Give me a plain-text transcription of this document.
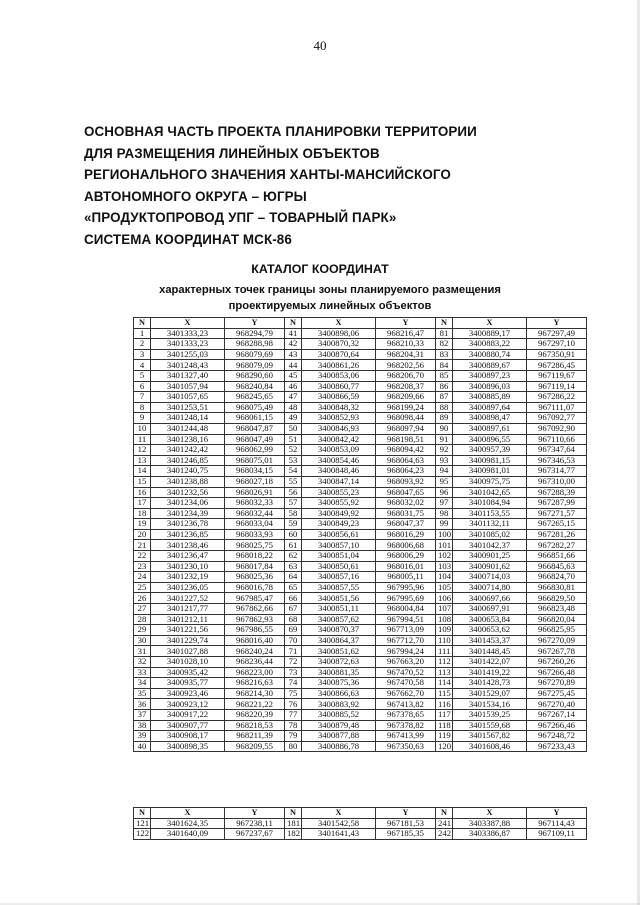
40
ОСНОВНАЯ ЧАСТЬ ПРОЕКТА ПЛАНИРОВКИ ТЕРРИТОРИИ
ДЛЯ РАЗМЕЩЕНИЯ ЛИНЕЙНЫХ ОБЪЕКТОВ
РЕГИОНАЛЬНОГО ЗНАЧЕНИЯ ХАНТЫ-МАНСИЙСКОГО
АВТОНОМНОГО ОКРУГА – ЮГРЫ
«ПРОДУКТОПРОВОД УПГ – ТОВАРНЫЙ ПАРК»
СИСТЕМА КООРДИНАТ МСК-86
КАТАЛОГ КООРДИНАТ
характерных точек границы зоны планируемого размещения
проектируемых линейных объектов
N	X	Y	N	X	Y	N	X	Y
1	3401333,23	968294,79	41	3400898,06	968216,47	81	3400889,17	967297,49
2	3401333,23	968288,98	42	3400870,32	968210,33	82	3400883,22	967297,10
3	3401255,03	968079,69	43	3400870,64	968204,31	83	3400880,74	967350,91
4	3401248,43	968079,09	44	3400861,26	968202,56	84	3400889,67	967286,45
5	3401327,40	968290,60	45	3400853,06	968206,70	85	3400897,23	967119,67
6	3401057,94	968240,84	46	3400860,77	968208,37	86	3400896,03	967119,14
7	3401057,65	968245,65	47	3400866,59	968209,66	87	3400885,89	967286,22
8	3401253,51	968075,49	48	3400848,32	968199,24	88	3400897,64	967111,07
9	3401248,14	968061,15	49	3400852,93	968098,44	89	3400898,47	967092,77
10	3401244,48	968047,87	50	3400846,93	968097,94	90	3400897,61	967092,90
11	3401238,16	968047,49	51	3400842,42	968198,51	91	3400896,55	967110,66
12	3401242,42	968062,99	52	3400853,09	968094,42	92	3400957,39	967347,64
13	3401246,85	968075,01	53	3400854,46	968064,63	93	3400981,15	967346,53
14	3401240,75	968034,15	54	3400848,46	968064,23	94	3400981,01	967314,77
15	3401238,88	968027,18	55	3400847,14	968093,92	95	3400975,75	967310,00
16	3401232,56	968026,91	56	3400855,23	968047,65	96	3401042,65	967288,39
17	3401234,06	968032,33	57	3400855,92	968032,02	97	3401084,94	967287,99
18	3401234,39	968032,44	58	3400849,92	968031,75	98	3401153,55	967271,57
19	3401236,78	968033,04	59	3400849,23	968047,37	99	3401132,11	967265,15
20	3401236,85	968033,93	60	3400856,61	968016,29	100	3401085,02	967281,26
21	3401238,46	968025,75	61	3400857,10	968006,68	101	3401042,37	967282,27
22	3401236,47	968018,22	62	3400851,04	968006,29	102	3400901,25	966851,66
23	3401230,10	968017,84	63	3400850,61	968016,01	103	3400901,62	966845,63
24	3401232,19	968025,36	64	3400857,16	968005,11	104	3400714,03	966824,70
25	3401236,05	968016,78	65	3400857,55	967995,96	105	3400714,80	966830,81
26	3401227,52	967985,47	66	3400851,56	967995,69	106	3400697,66	966829,50
27	3401217,77	967862,66	67	3400851,11	968004,84	107	3400697,91	966823,48
28	3401212,11	967862,93	68	3400857,62	967994,51	108	3400653,84	966820,04
29	3401221,56	967986,55	69	3400870,37	967713,09	109	3400653,62	966825,95
30	3401229,74	968016,40	70	3400864,37	967712,70	110	3401453,37	967270,09
31	3401027,88	968240,24	71	3400851,62	967994,24	111	3401448,45	967267,78
32	3401028,10	968236,44	72	3400872,63	967663,20	112	3401422,07	967260,26
33	3400935,42	968223,00	73	3400881,35	967470,52	113	3401419,22	967266,48
34	3400935,77	968216,63	74	3400875,36	967470,58	114	3401428,73	967270,89
35	3400923,46	968214,30	75	3400866,63	967662,70	115	3401529,07	967275,45
36	3400923,12	968221,22	76	3400883,92	967413,82	116	3401534,16	967270,40
37	3400917,22	968220,39	77	3400885,52	967378,65	117	3401539,25	967267,14
38	3400907,77	968218,53	78	3400879,48	967378,82	118	3401559,68	967266,46
39	3400908,17	968211,39	79	3400877,88	967413,99	119	3401567,82	967248,72
40	3400898,35	968209,55	80	3400886,78	967350,63	120	3401608,46	967233,43
N	X	Y	N	X	Y	N	X	Y
121	3401624,35	967238,11	181	3401542,58	967181,53	241	3403387,88	967114,43
122	3401640,09	967237,67	182	3401641,43	967185,35	242	3403386,87	967109,11
